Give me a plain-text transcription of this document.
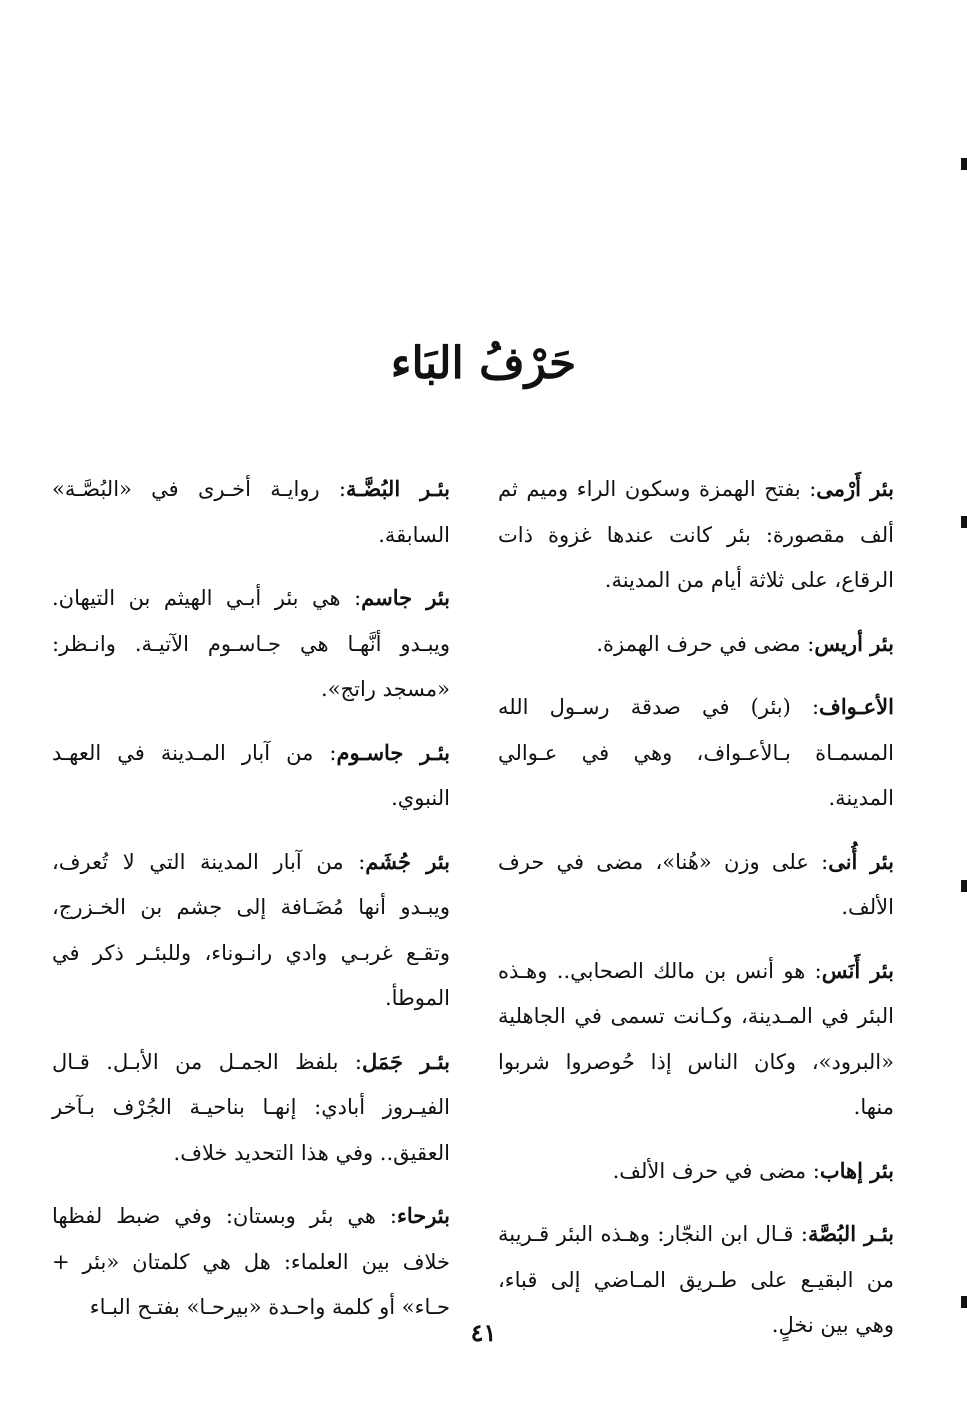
حَرْفُ البَاء

بئر أَرْمى: بفتح الهمزة وسكون الراء وميم ثم ألف مقصورة: بئر كانت عندها غزوة ذات الرقاع، على ثلاثة أيام من المدينة.

بئر أريس: مضى في حرف الهمزة.

الأعـواف: (بئر) في صدقة رسـول الله المسمـاة بـالأعـواف، وهي في عـوالي المدينة.

بئر أُنى: على وزن «هُنا»، مضى في حرف الألف.

بئر أَنَس: هو أنس بن مالك الصحابي.. وهـذه البئر في المـدينة، وكـانت تسمى في الجاهلية «البرود»، وكان الناس إذا حُوصروا شربوا منها.

بئر إهاب: مضى في حرف الألف.

بئـر البُصَّة: قـال ابن النجّار: وهـذه البئر قـريبة من البقيـع على طـريق المـاضي إلى قباء، وهي بين نخلٍ.

بئـر البُضَّـة: روايـة أخـرى في «البُصَّـة» السابقة.

بئر جاسم: هي بئر أبـي الهيثم بن التيهان. ويبـدو أنَّهـا هي جـاسـوم الآتيـة. وانـظر: «مسجد راتج».

بئـر جاسـوم: من آبار المـدينة في العهـد النبوي.

بئر جُشَم: من آبار المدينة التي لا تُعرف، ويبـدو أنها مُضَـافة إلى جشم بن الخـزرج، وتقـع غربـي وادي رانـوناء، وللبئـر ذكر في الموطأ.

بئـر جَمَل: بلفظ الجمـل من الأبـل. قـال الفيـروز أبادي: إنهـا بناحيـة الجُرْف بـآخر العقيق.. وفي هذا التحديد خلاف.

بئرحاء: هي بئر وبستان: وفي ضبط لفظها خلاف بين العلماء: هل هي كلمتان «بئر + حـاء» أو كلمة واحـدة «بيرحـا» بفتـح البـاء

٤١
